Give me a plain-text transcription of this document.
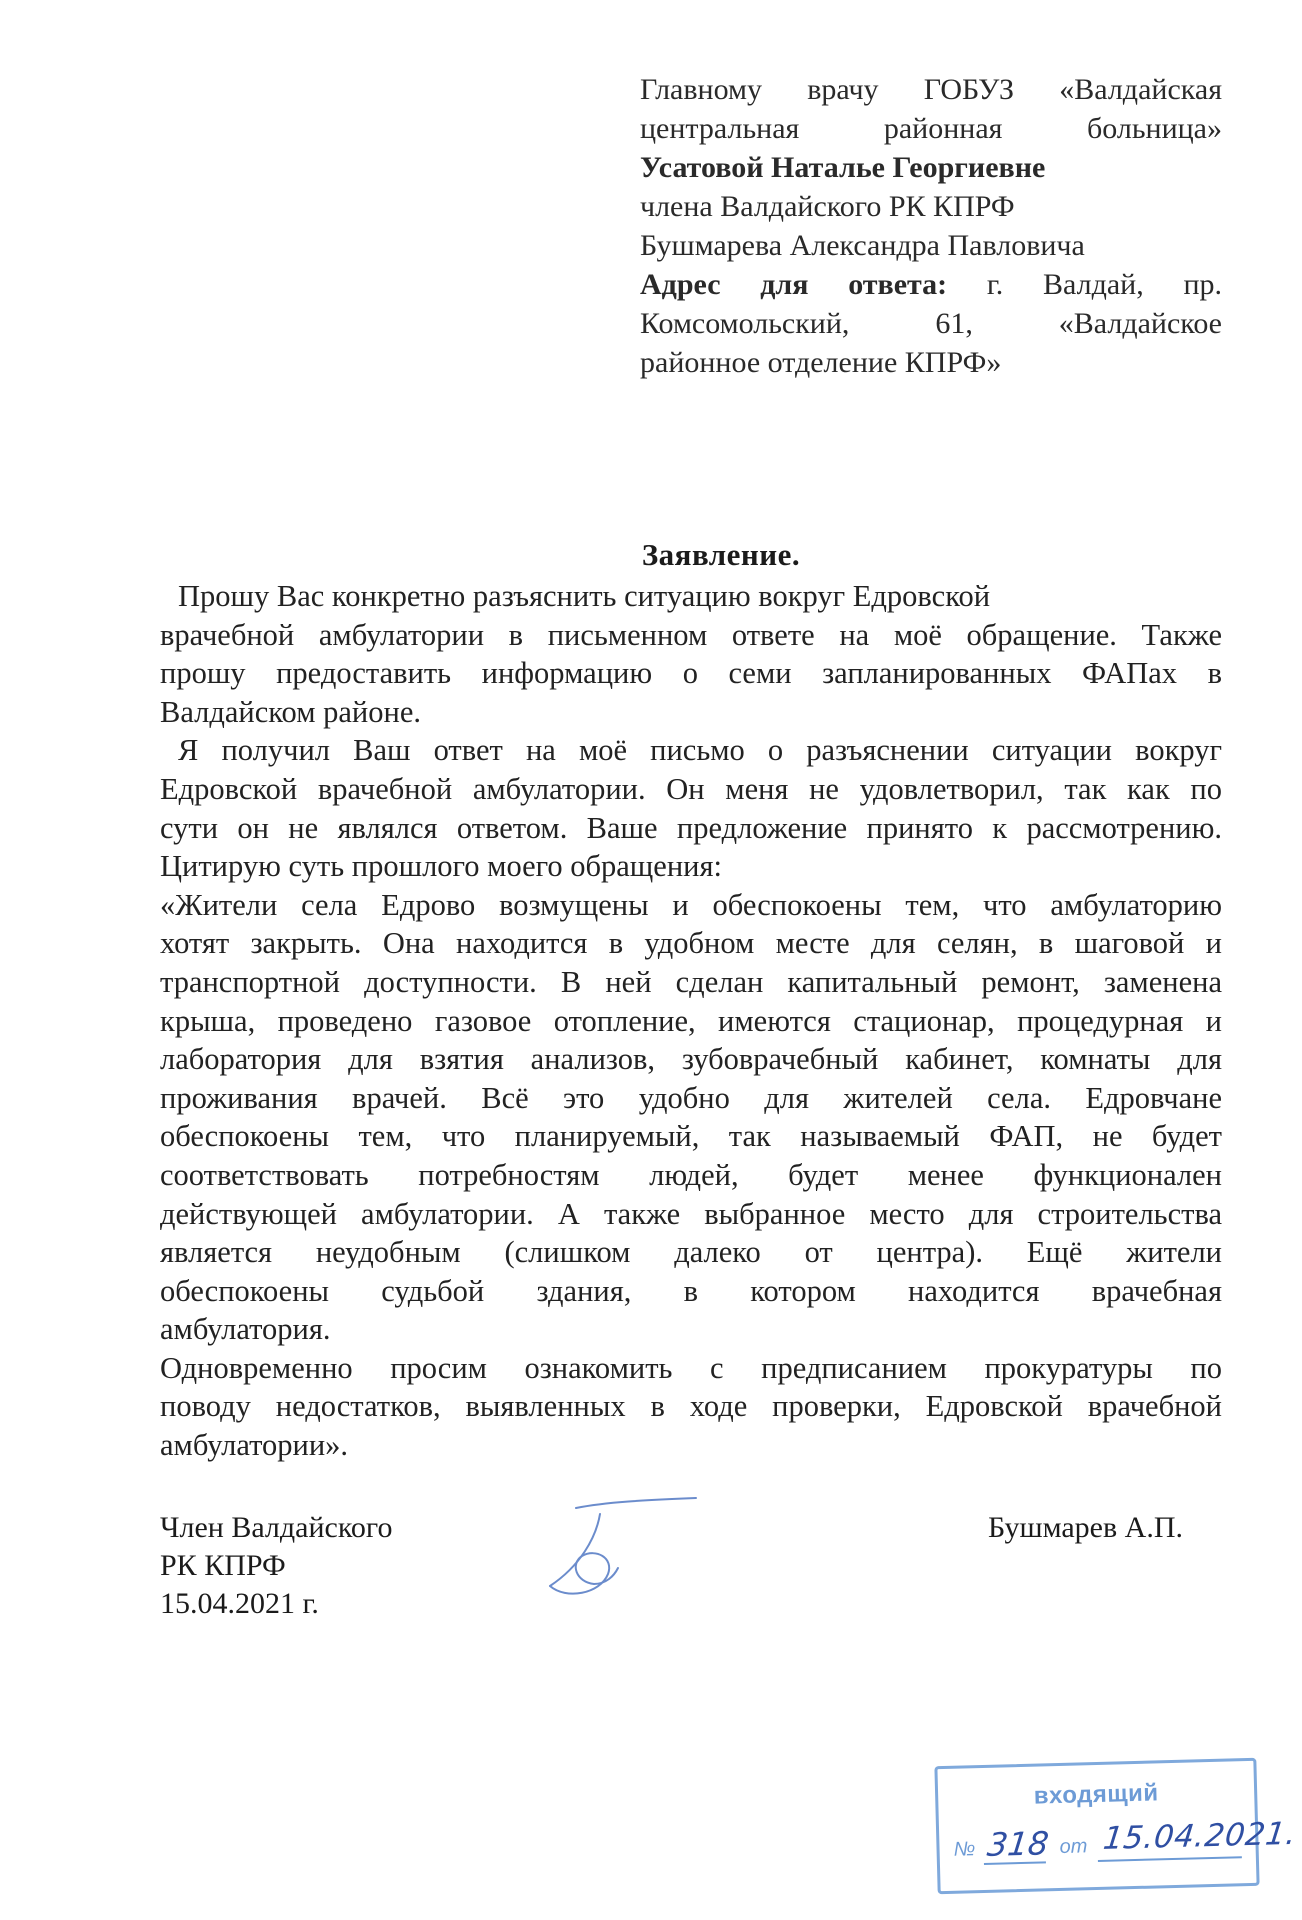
Главному врачу ГОБУЗ «Валдайская
центральная районная больница»
Усатовой Наталье Георгиевне
члена Валдайского РК КПРФ
Бушмарева Александра Павловича
Адрес для ответа: г. Валдай, пр.
Комсомольский, 61, «Валдайское
районное отделение КПРФ»
Заявление.
Прошу Вас конкретно разъяснить ситуацию вокруг Едровской
врачебной амбулатории в письменном ответе на моё обращение. Также
прошу предоставить информацию о семи запланированных ФАПах в
Валдайском районе.
Я получил Ваш ответ на моё письмо о разъяснении ситуации вокруг
Едровской врачебной амбулатории. Он меня не удовлетворил, так как по
сути он не являлся ответом. Ваше предложение принято к рассмотрению.
Цитирую суть прошлого моего обращения:
«Жители села Едрово возмущены и обеспокоены тем, что амбулаторию
хотят закрыть. Она находится в удобном месте для селян, в шаговой и
транспортной доступности. В ней сделан капитальный ремонт, заменена
крыша, проведено газовое отопление, имеются стационар, процедурная и
лаборатория для взятия анализов, зубоврачебный кабинет, комнаты для
проживания врачей. Всё это удобно для жителей села. Едровчане
обеспокоены тем, что планируемый, так называемый ФАП, не будет
соответствовать потребностям людей, будет менее функционален
действующей амбулатории. А также выбранное место для строительства
является неудобным (слишком далеко от центра). Ещё жители
обеспокоены судьбой здания, в котором находится врачебная
амбулатория.
Одновременно просим ознакомить с предписанием прокуратуры по
поводу недостатков, выявленных в ходе проверки, Едровской врачебной
амбулатории».
Член Валдайского
РК КПРФ
15.04.2021 г.
Бушмарев А.П.
входящий
№ 318 от 15.04.2021.
